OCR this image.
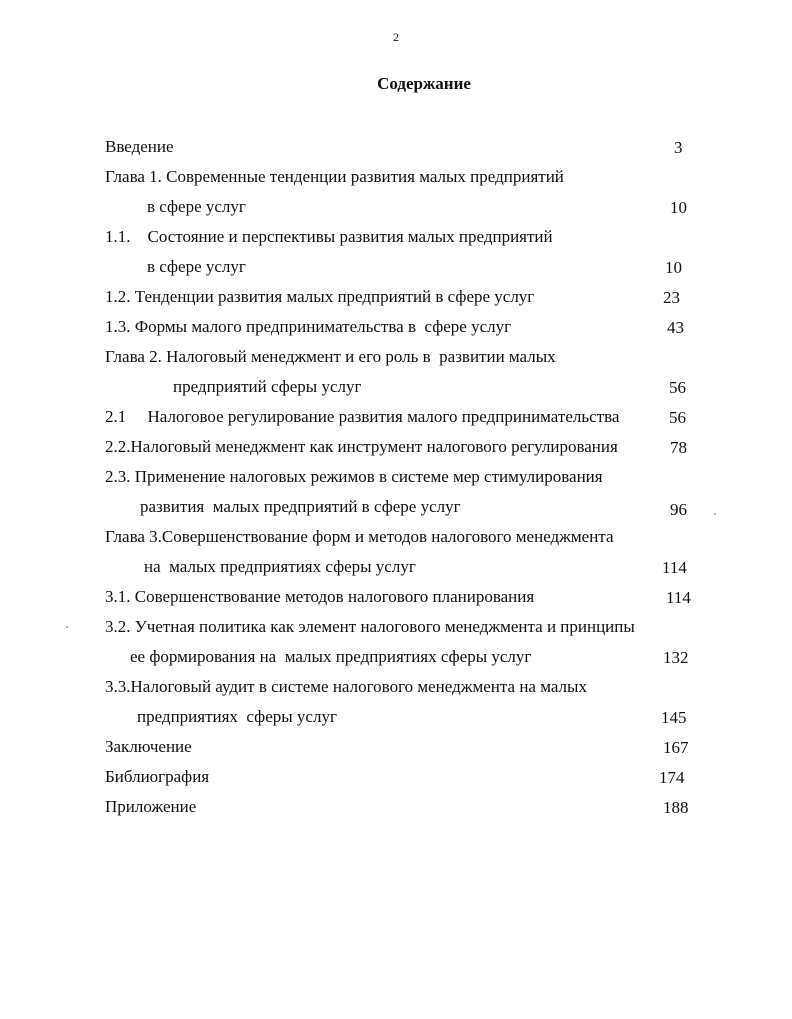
2
Содержание
Введение	3
Глава 1. Современные тенденции развития малых предприятий
в сфере услуг	10
1.1.    Состояние и перспективы развития малых предприятий
в сфере услуг	10
1.2. Тенденции развития малых предприятий в сфере услуг	23
1.3. Формы малого предпринимательства в  сфере услуг	43
Глава 2. Налоговый менеджмент и его роль в  развитии малых
предприятий сферы услуг	56
2.1     Налоговое регулирование развития малого предпринимательства	56
2.2.Налоговый менеджмент как инструмент налогового регулирования	78
2.3. Применение налоговых режимов в системе мер стимулирования
развития  малых предприятий в сфере услуг	96
Глава 3.Совершенствование форм и методов налогового менеджмента
на  малых предприятиях сферы услуг	114
3.1. Совершенствование методов налогового планирования	114
3.2. Учетная политика как элемент налогового менеджмента и принципы
ее формирования на  малых предприятиях сферы услуг	132
3.3.Налоговый аудит в системе налогового менеджмента на малых
предприятиях  сферы услуг	145
Заключение	167
Библиография	174
Приложение	188
